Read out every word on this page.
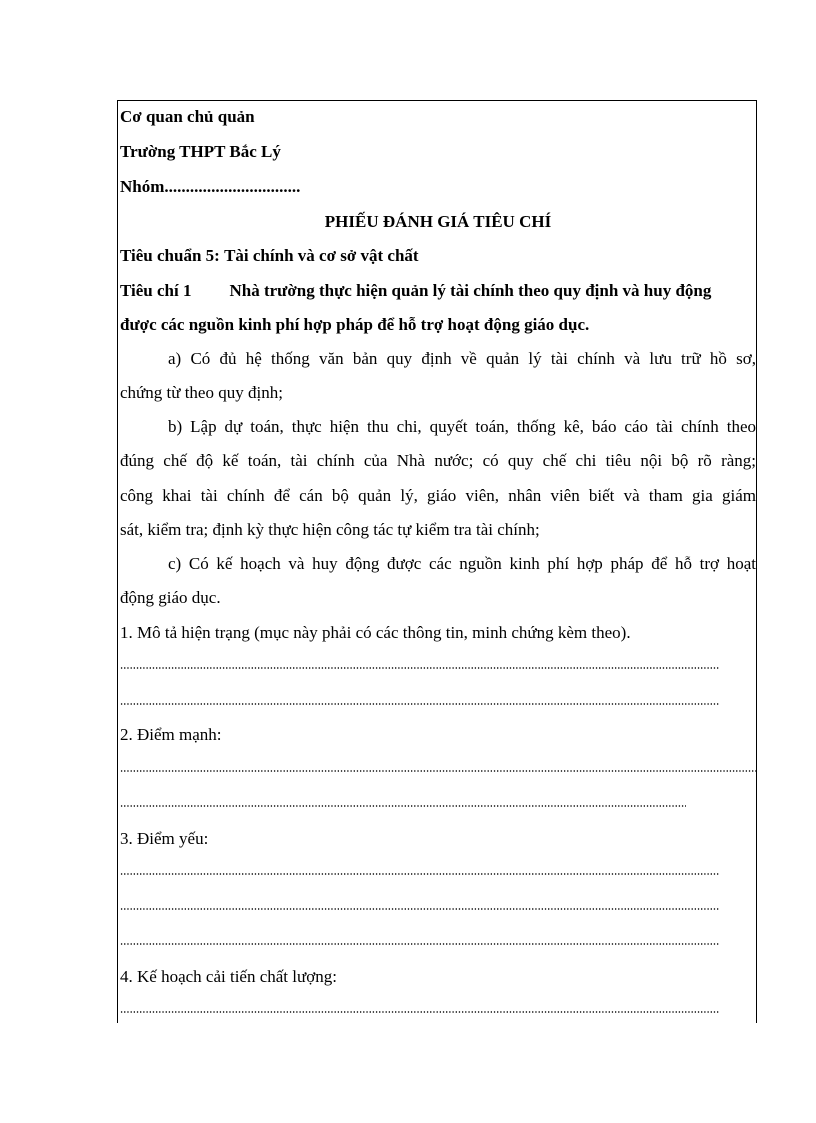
Cơ quan chủ quản
Trường THPT Bắc Lý
Nhóm................................
PHIẾU ĐÁNH GIÁ TIÊU CHÍ
Tiêu chuẩn 5: Tài chính và cơ sở vật chất
Tiêu chí 1 Nhà trường thực hiện quản lý tài chính theo quy định và huy động
được các nguồn kinh phí hợp pháp để hỗ trợ hoạt động giáo dục.
a) Có đủ hệ thống văn bản quy định về quản lý tài chính và lưu trữ hồ sơ,
chứng từ theo quy định;
b) Lập dự toán, thực hiện thu chi, quyết toán, thống kê, báo cáo tài chính theo
đúng chế độ kế toán, tài chính của Nhà nước; có quy chế chi tiêu nội bộ rõ ràng;
công khai tài chính để cán bộ quản lý, giáo viên, nhân viên biết và tham gia giám
sát, kiểm tra; định kỳ thực hiện công tác tự kiểm tra tài chính;
c) Có kế hoạch và huy động được các nguồn kinh phí hợp pháp để hỗ trợ hoạt
động giáo dục.
1. Mô tả hiện trạng (mục này phải có các thông tin, minh chứng kèm theo).
2. Điểm mạnh:
3. Điểm yếu:
4. Kế hoạch cải tiến chất lượng:
